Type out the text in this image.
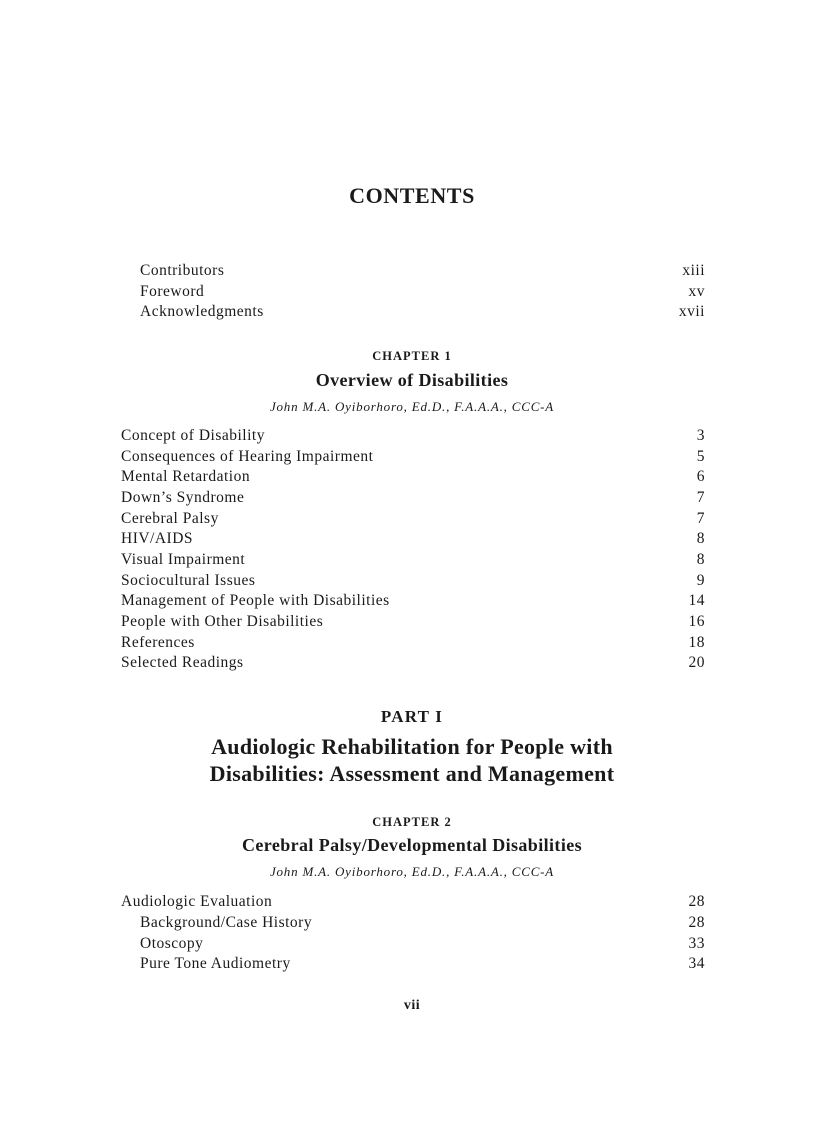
CONTENTS
Contributors	xiii
Foreword	xv
Acknowledgments	xvii
CHAPTER 1
Overview of Disabilities
John M.A. Oyiborhoro, Ed.D., F.A.A.A., CCC-A
Concept of Disability	3
Consequences of Hearing Impairment	5
Mental Retardation	6
Down’s Syndrome	7
Cerebral Palsy	7
HIV/AIDS	8
Visual Impairment	8
Sociocultural Issues	9
Management of People with Disabilities	14
People with Other Disabilities	16
References	18
Selected Readings	20
PART I
Audiologic Rehabilitation for People with
Disabilities: Assessment and Management
CHAPTER 2
Cerebral Palsy/Developmental Disabilities
John M.A. Oyiborhoro, Ed.D., F.A.A.A., CCC-A
Audiologic Evaluation	28
Background/Case History	28
Otoscopy	33
Pure Tone Audiometry	34
vii
